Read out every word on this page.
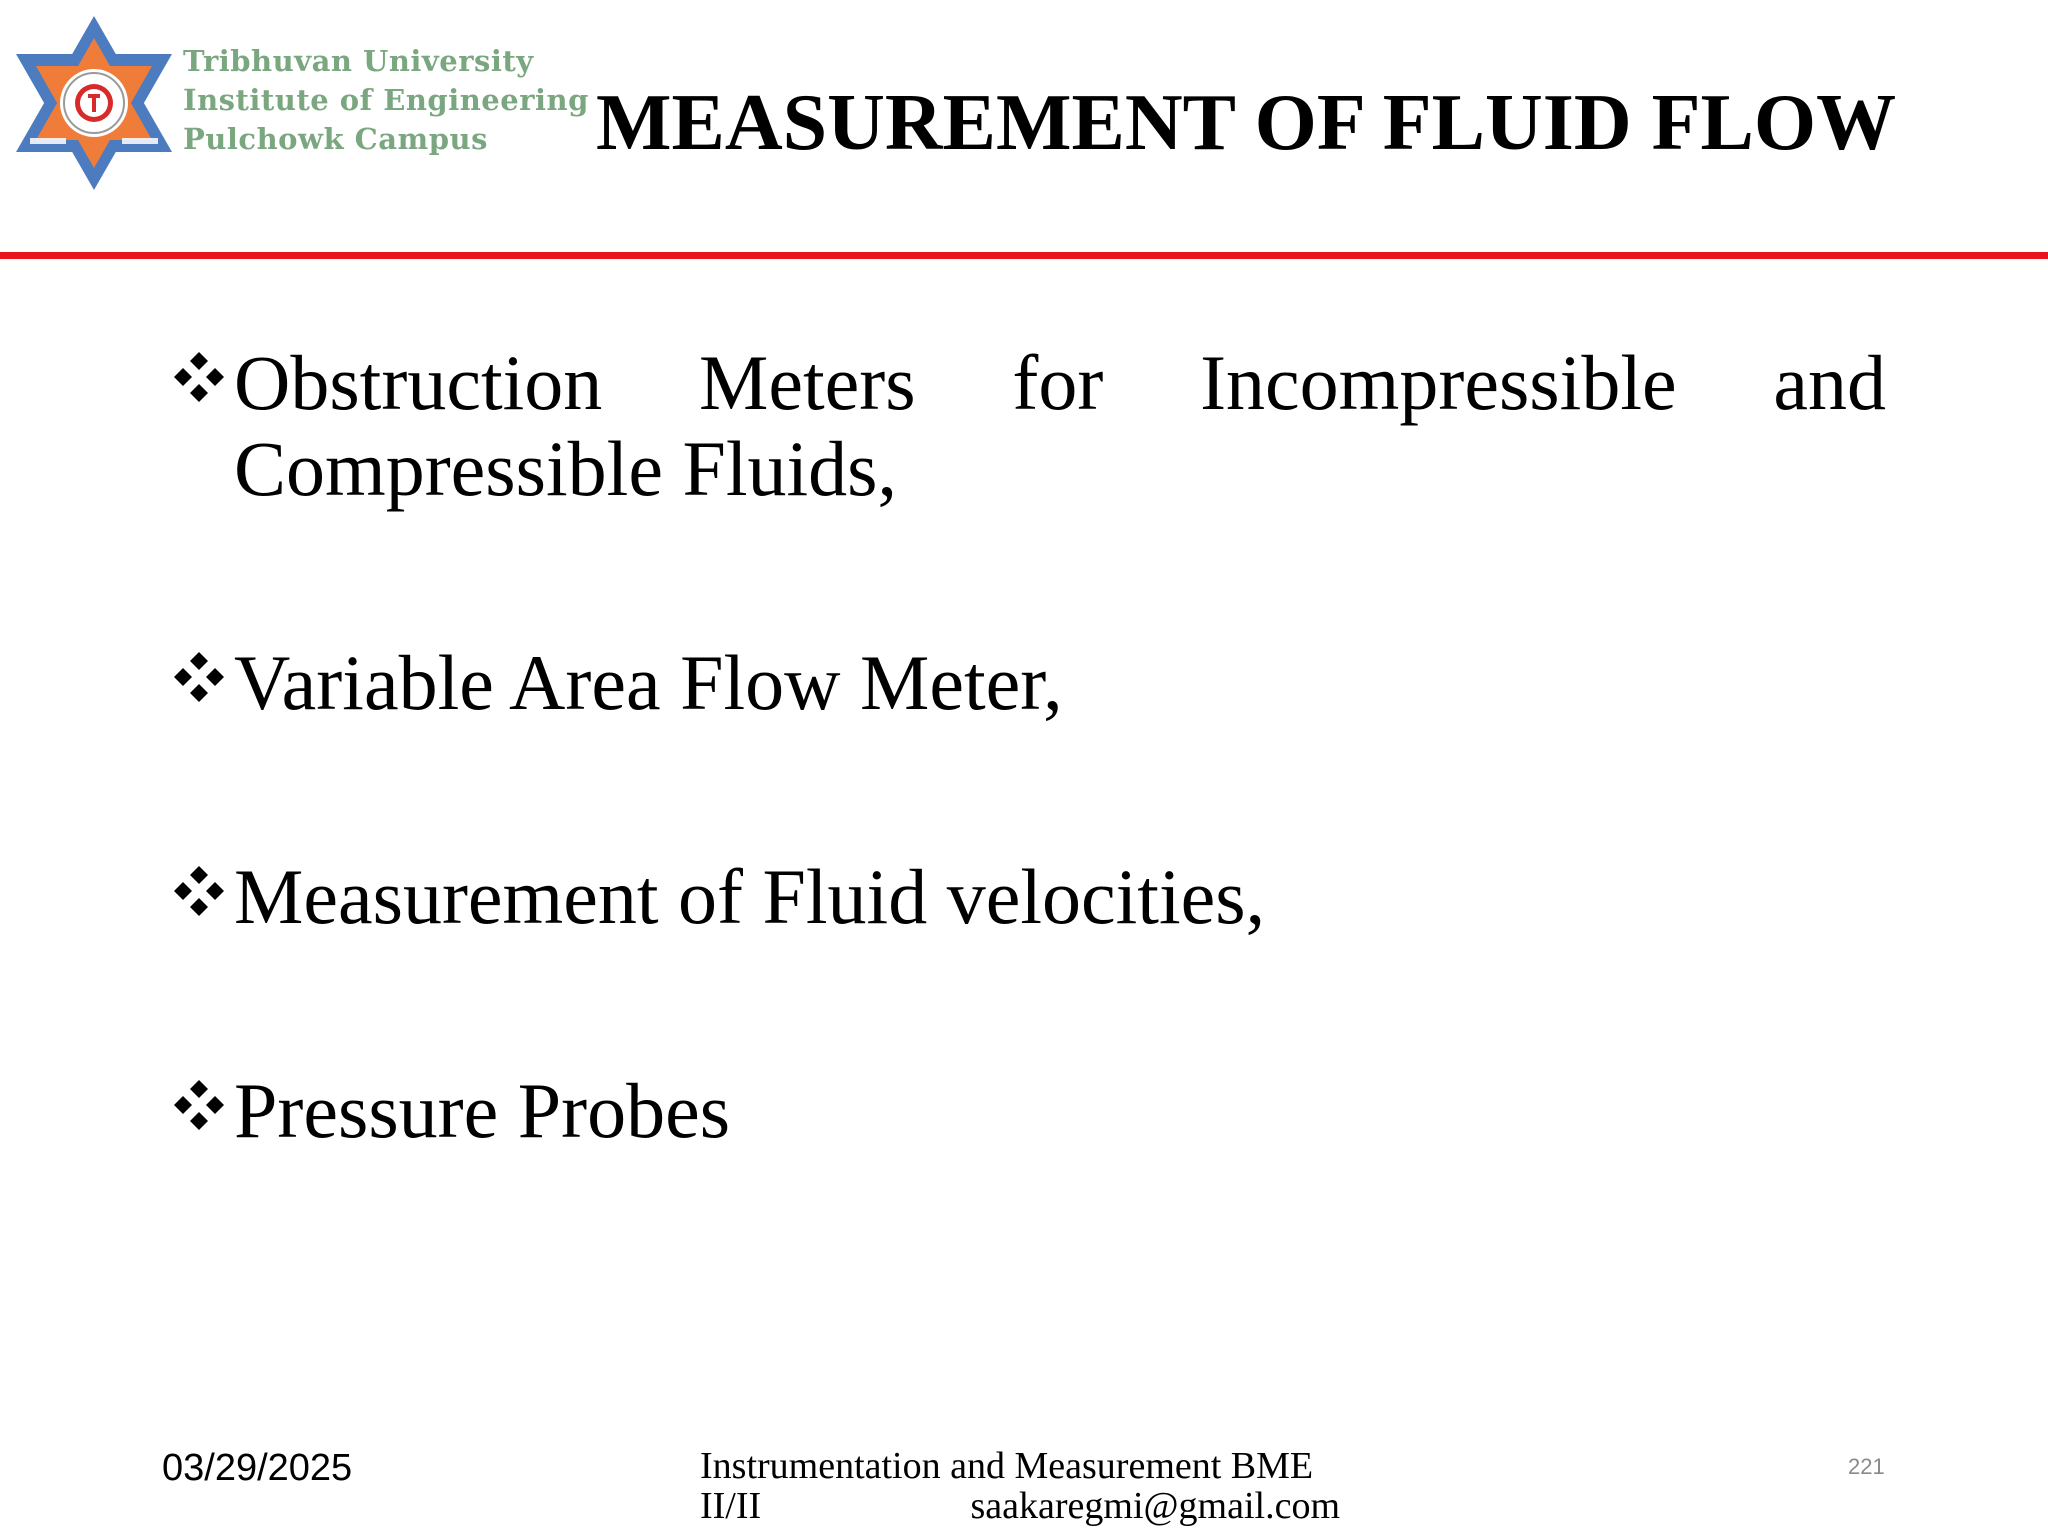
Tribhuvan University
Institute of Engineering
Pulchowk Campus	MEASUREMENT OF FLUID FLOW
Obstruction Meters for Incompressible and Compressible Fluids,
Variable Area Flow Meter,
Measurement of Fluid velocities,
Pressure Probes
03/29/2025	Instrumentation and Measurement BME
II/II	saakaregmi@gmail.com
221
